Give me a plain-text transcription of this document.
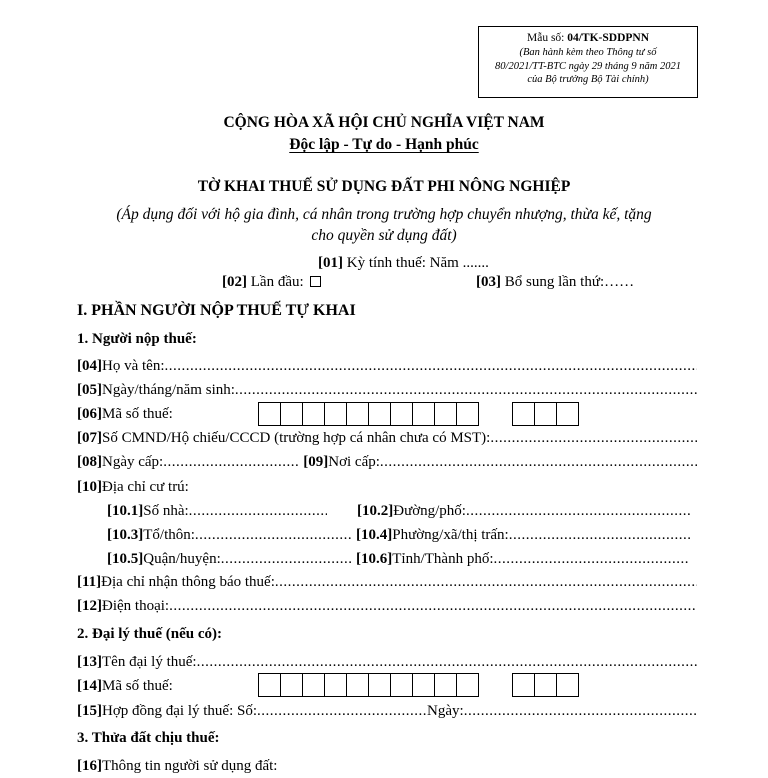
Mẫu số: 04/TK-SDDPNN
(Ban hành kèm theo Thông tư số
80/2021/TT-BTC ngày 29 tháng 9 năm 2021
của Bộ trưởng Bộ Tài chính)
CỘNG HÒA XÃ HỘI CHỦ NGHĨA VIỆT NAM
Độc lập - Tự do - Hạnh phúc
TỜ KHAI THUẾ SỬ DỤNG ĐẤT PHI NÔNG NGHIỆP
(Áp dụng đối với hộ gia đình, cá nhân trong trường hợp chuyển nhượng, thừa kế, tặng
cho quyền sử dụng đất)
[01] Kỳ tính thuế: Năm .......
[02] Lần đầu:	[03] Bổ sung lần thứ:……
I. PHẦN NGƯỜI NỘP THUẾ TỰ KHAI
1. Người nộp thuế:
[04] Họ và tên:
.....
[05] Ngày/tháng/năm sinh:
.....
[06] Mã số thuế:
[07] Số CMND/Hộ chiếu/CCCD (trường hợp cá nhân chưa có MST):
.....
[08] Ngày cấp: ................................ [09] Nơi cấp:
.....
[10] Địa chỉ cư trú:
[10.1] Số nhà: .....	[10.2] Đường/phố:
.....
[10.3] Tổ/thôn: .....	[10.4] Phường/xã/thị trấn:
.....
[10.5] Quận/huyện: .....	[10.6] Tỉnh/Thành phố:
.....
[11] Địa chỉ nhận thông báo thuế:
.....
[12] Điện thoại:
.....
2. Đại lý thuế (nếu có):
[13] Tên đại lý thuế:
.....
[14] Mã số thuế:
[15] Hợp đồng đại lý thuế: Số: ........................................ Ngày:
.....
3. Thửa đất chịu thuế:
[16] Thông tin người sử dụng đất:
